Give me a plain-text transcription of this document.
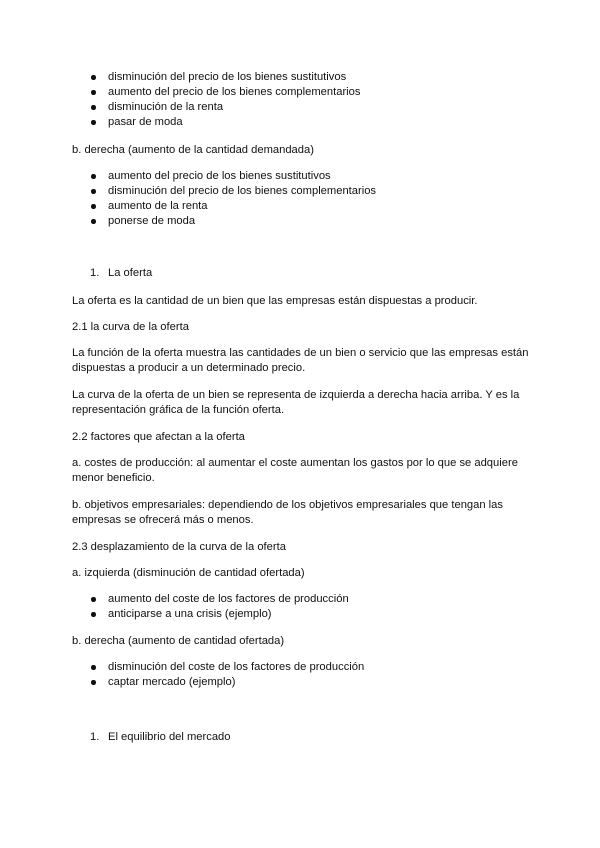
disminución del precio de los bienes sustitutivos
aumento del precio de los bienes complementarios
disminución de la renta
pasar de moda
b. derecha (aumento de la cantidad demandada)
aumento del precio de los bienes sustitutivos
disminución del precio de los bienes complementarios
aumento de la renta
ponerse de moda
1. La oferta
La oferta es la cantidad de un bien que las empresas están dispuestas a producir.
2.1 la curva de la oferta
La función de la oferta muestra las cantidades de un bien o servicio que las empresas están
dispuestas a producir a un determinado precio.
La curva de la oferta de un bien se representa de izquierda a derecha hacia arriba. Y es la
representación gráfica de la función oferta.
2.2 factores que afectan a la oferta
a. costes de producción: al aumentar el coste aumentan los gastos por lo que se adquiere
menor beneficio.
b. objetivos empresariales: dependiendo de los objetivos empresariales que tengan las
empresas se ofrecerá más o menos.
2.3 desplazamiento de la curva de la oferta
a. izquierda (disminución de cantidad ofertada)
aumento del coste de los factores de producción
anticiparse a una crisis (ejemplo)
b. derecha (aumento de cantidad ofertada)
disminución del coste de los factores de producción
captar mercado (ejemplo)
1. El equilibrio del mercado
